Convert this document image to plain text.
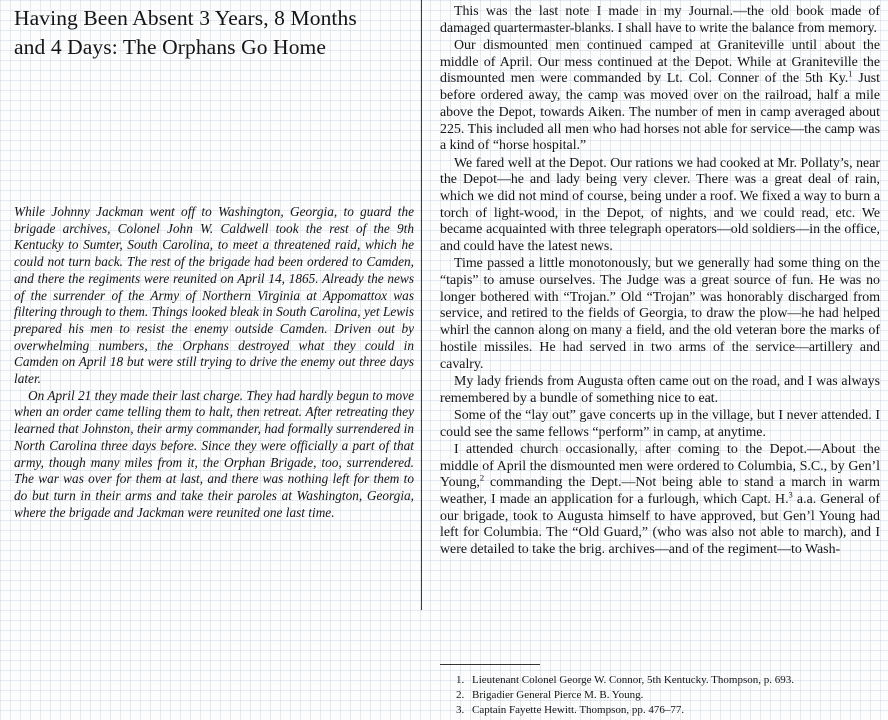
Having Been Absent 3 Years, 8 Months
and 4 Days: The Orphans Go Home

While Johnny Jackman went off to Washington, Georgia, to guard the brigade archives, Colonel John W. Caldwell took the rest of the 9th Kentucky to Sumter, South Carolina, to meet a threatened raid, which he could not turn back. The rest of the brigade had been ordered to Camden, and there the regiments were reunited on April 14, 1865. Already the news of the surrender of the Army of Northern Virginia at Appomattox was filtering through to them. Things looked bleak in South Carolina, yet Lewis prepared his men to resist the enemy outside Camden. Driven out by overwhelming numbers, the Orphans destroyed what they could in Camden on April 18 but were still trying to drive the enemy out three days later.

On April 21 they made their last charge. They had hardly begun to move when an order came telling them to halt, then retreat. After retreating they learned that Johnston, their army commander, had formally surrendered in North Carolina three days before. Since they were officially a part of that army, though many miles from it, the Orphan Brigade, too, surrendered. The war was over for them at last, and there was nothing left for them to do but turn in their arms and take their paroles at Washington, Georgia, where the brigade and Jackman were reunited one last time.

This was the last note I made in my Journal.—the old book made of damaged quartermaster-blanks. I shall have to write the balance from memory.

Our dismounted men continued camped at Graniteville until about the middle of April. Our mess continued at the Depot. While at Graniteville the dismounted men were commanded by Lt. Col. Conner of the 5th Ky.$^1$ Just before ordered away, the camp was moved over on the railroad, half a mile above the Depot, towards Aiken. The number of men in camp averaged about 225. This included all men who had horses not able for service—the camp was a kind of “horse hospital.”

We fared well at the Depot. Our rations we had cooked at Mr. Pollaty’s, near the Depot—he and lady being very clever. There was a great deal of rain, which we did not mind of course, being under a roof. We fixed a way to burn a torch of light-wood, in the Depot, of nights, and we could read, etc. We became acquainted with three telegraph operators—old soldiers—in the office, and could have the latest news.

Time passed a little monotonously, but we generally had some thing on the “tapis” to amuse ourselves. The Judge was a great source of fun. He was no longer bothered with “Trojan.” Old “Trojan” was honorably discharged from service, and retired to the fields of Georgia, to draw the plow—he had helped whirl the cannon along on many a field, and the old veteran bore the marks of hostile missiles. He had served in two arms of the service—artillery and cavalry.

My lady friends from Augusta often came out on the road, and I was always remembered by a bundle of something nice to eat.

Some of the “lay out” gave concerts up in the village, but I never attended. I could see the same fellows “perform” in camp, at anytime.

I attended church occasionally, after coming to the Depot.—About the middle of April the dismounted men were ordered to Columbia, S.C., by Gen’l Young,$^2$ commanding the Dept.—Not being able to stand a march in warm weather, I made an application for a furlough, which Capt. H.$^3$ a.a. General of our brigade, took to Augusta himself to have approved, but Gen’l Young had left for Columbia. The “Old Guard,” (who was also not able to march), and I were detailed to take the brig. archives—and of the regiment—to Wash-

1. Lieutenant Colonel George W. Connor, 5th Kentucky. Thompson, p. 693.
2. Brigadier General Pierce M. B. Young.
3. Captain Fayette Hewitt. Thompson, pp. 476–77.
